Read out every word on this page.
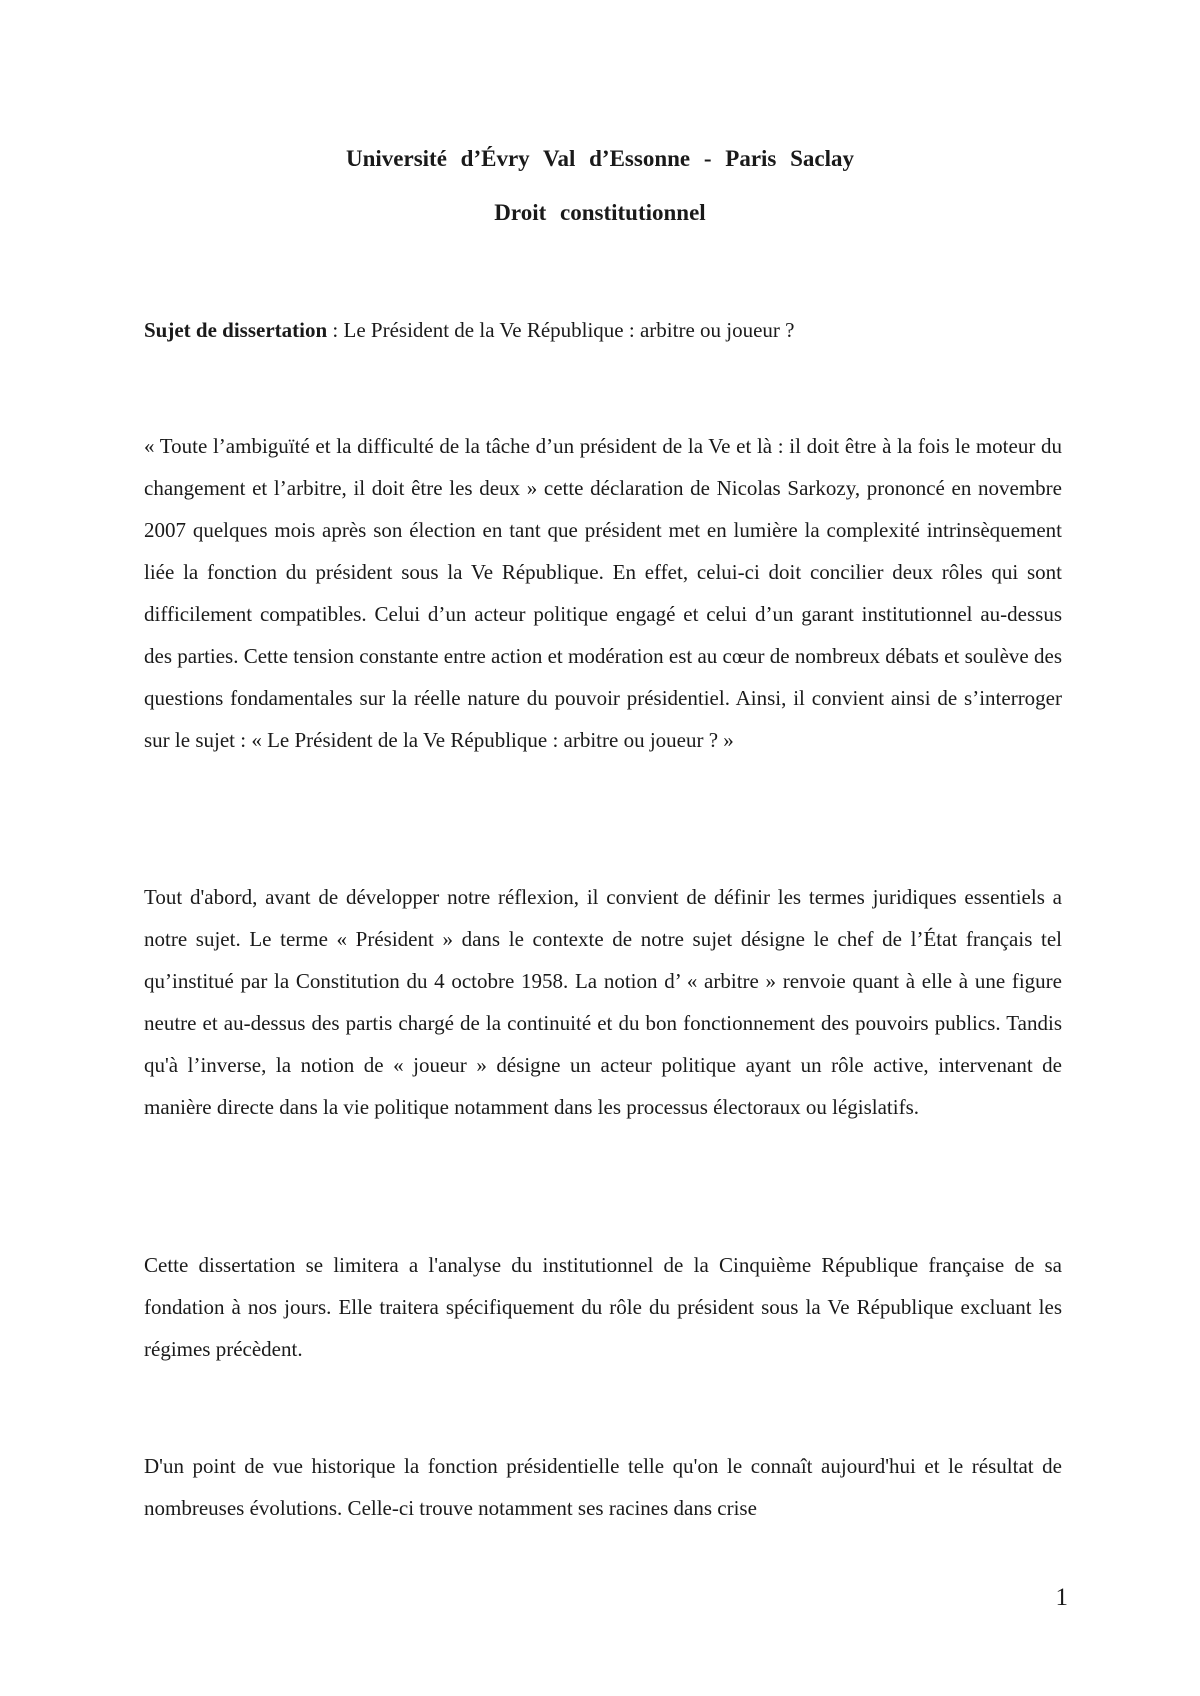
Université d’Évry Val d’Essonne - Paris Saclay
Droit constitutionnel
Sujet de dissertation : Le Président de la Ve République : arbitre ou joueur ?

« Toute l’ambiguïté et la difficulté de la tâche d’un président de la Ve et là : il doit être à la fois le moteur du changement et l’arbitre, il doit être les deux » cette déclaration de Nicolas Sarkozy, prononcé en novembre 2007 quelques mois après son élection en tant que président met en lumière la complexité intrinsèquement liée la fonction du président sous la Ve République. En effet, celui-ci doit concilier deux rôles qui sont difficilement compatibles. Celui d’un acteur politique engagé et celui d’un garant institutionnel au-dessus des parties. Cette tension constante entre action et modération est au cœur de nombreux débats et soulève des questions fondamentales sur la réelle nature du pouvoir présidentiel. Ainsi, il convient ainsi de s’interroger sur le sujet : « Le Président de la Ve République : arbitre ou joueur ? »

Tout d'abord, avant de développer notre réflexion, il convient de définir les termes juridiques essentiels a notre sujet. Le terme « Président » dans le contexte de notre sujet désigne le chef de l’État français tel qu’institué par la Constitution du 4 octobre 1958. La notion d’ « arbitre » renvoie quant à elle à une figure neutre et au-dessus des partis chargé de la continuité et du bon fonctionnement des pouvoirs publics. Tandis qu'à l’inverse, la notion de « joueur » désigne un acteur politique ayant un rôle active, intervenant de manière directe dans la vie politique notamment dans les processus électoraux ou législatifs.

Cette dissertation se limitera a l'analyse du institutionnel de la Cinquième République française de sa fondation à nos jours. Elle traitera spécifiquement du rôle du président sous la Ve République excluant les régimes précèdent.

D'un point de vue historique la fonction présidentielle telle qu'on le connaît aujourd'hui et le résultat de nombreuses évolutions. Celle-ci trouve notamment ses racines dans crise

1
